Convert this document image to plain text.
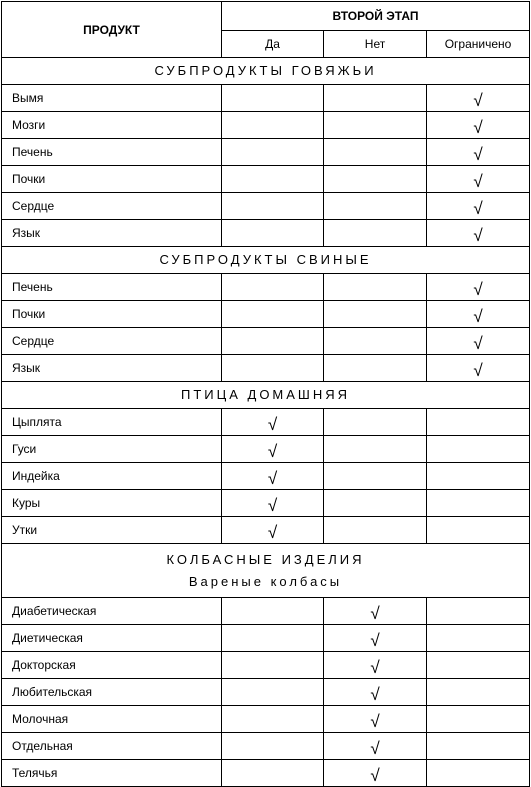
ПРОДУКТ	ВТОРОЙ ЭТАП		
	Да	Нет	Ограничено

СУБПРОДУКТЫ ГОВЯЖЬИ			

Вымя			√
Мозги			√
Печень			√
Почки			√
Сердце			√
Язык			√

СУБПРОДУКТЫ СВИНЫЕ			

Печень			√
Почки			√
Сердце			√
Язык			√

ПТИЦА ДОМАШНЯЯ			

Цыплята	√		
Гуси	√		
Индейка	√		
Куры	√		
Утки	√		

КОЛБАСНЫЕ ИЗДЕЛИЯ
Вареные колбасы			

Диабетическая		√	
Диетическая		√	
Докторская		√	
Любительская		√	
Молочная		√	
Отдельная		√	
Телячья		√	
